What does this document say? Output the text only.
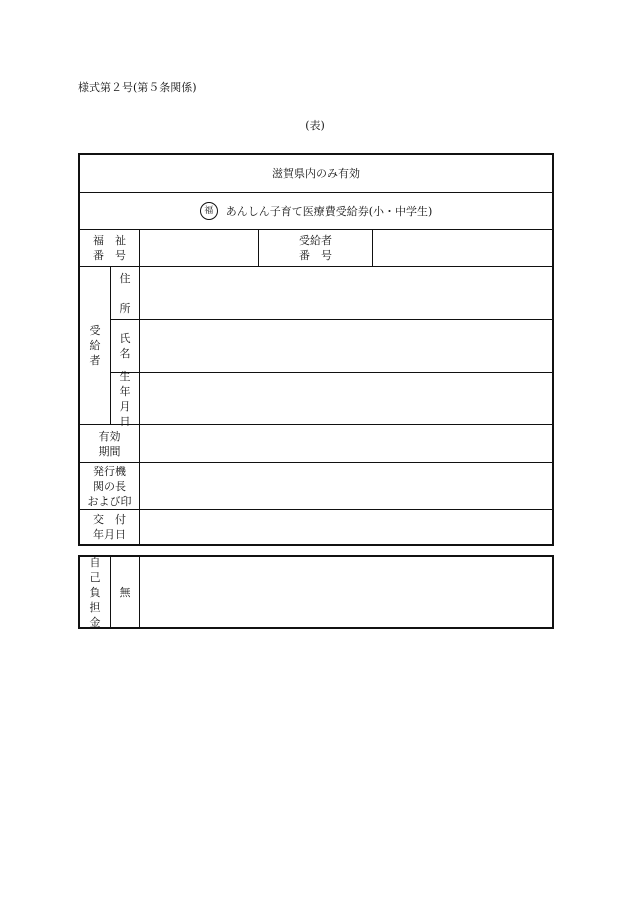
様式第２号(第５条関係)
(表)
滋賀県内のみ有効
福	あんしん子育て医療費受給券(小・中学生)
福　祉
番　号
受給者
番　号
受
給
者
住

所
氏
名
生
年
月
日
有効
期間
発行機
関の長
および印
交　付
年月日
自
己
負
担
金
無
